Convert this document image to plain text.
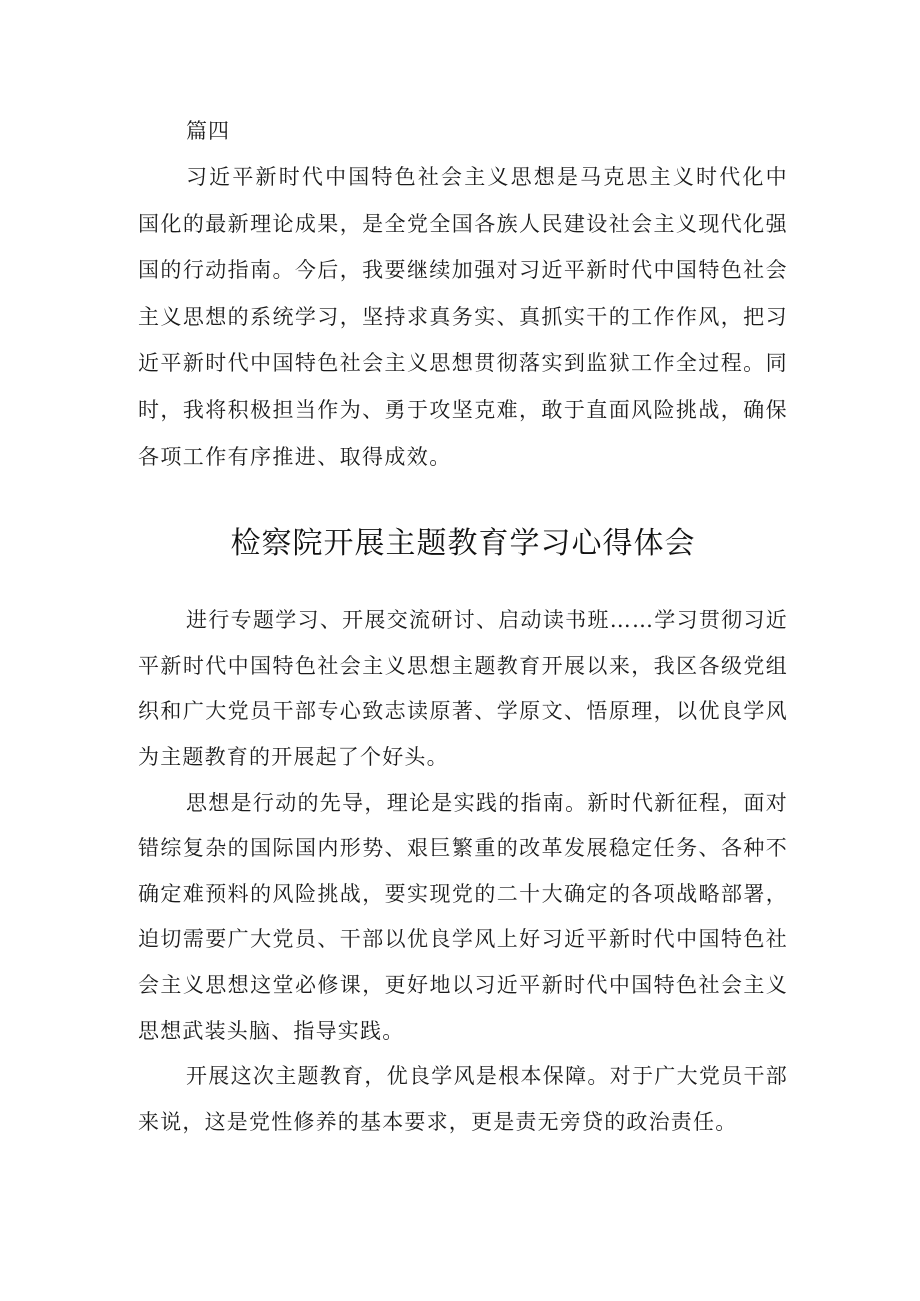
篇四

习近平新时代中国特色社会主义思想是马克思主义时代化中国化的最新理论成果，是全党全国各族人民建设社会主义现代化强国的行动指南。今后，我要继续加强对习近平新时代中国特色社会主义思想的系统学习，坚持求真务实、真抓实干的工作作风，把习近平新时代中国特色社会主义思想贯彻落实到监狱工作全过程。同时，我将积极担当作为、勇于攻坚克难，敢于直面风险挑战，确保各项工作有序推进、取得成效。

检察院开展主题教育学习心得体会

进行专题学习、开展交流研讨、启动读书班……学习贯彻习近平新时代中国特色社会主义思想主题教育开展以来，我区各级党组织和广大党员干部专心致志读原著、学原文、悟原理，以优良学风为主题教育的开展起了个好头。

思想是行动的先导，理论是实践的指南。新时代新征程，面对错综复杂的国际国内形势、艰巨繁重的改革发展稳定任务、各种不确定难预料的风险挑战，要实现党的二十大确定的各项战略部署，迫切需要广大党员、干部以优良学风上好习近平新时代中国特色社会主义思想这堂必修课，更好地以习近平新时代中国特色社会主义思想武装头脑、指导实践。

开展这次主题教育，优良学风是根本保障。对于广大党员干部来说，这是党性修养的基本要求，更是责无旁贷的政治责任。
